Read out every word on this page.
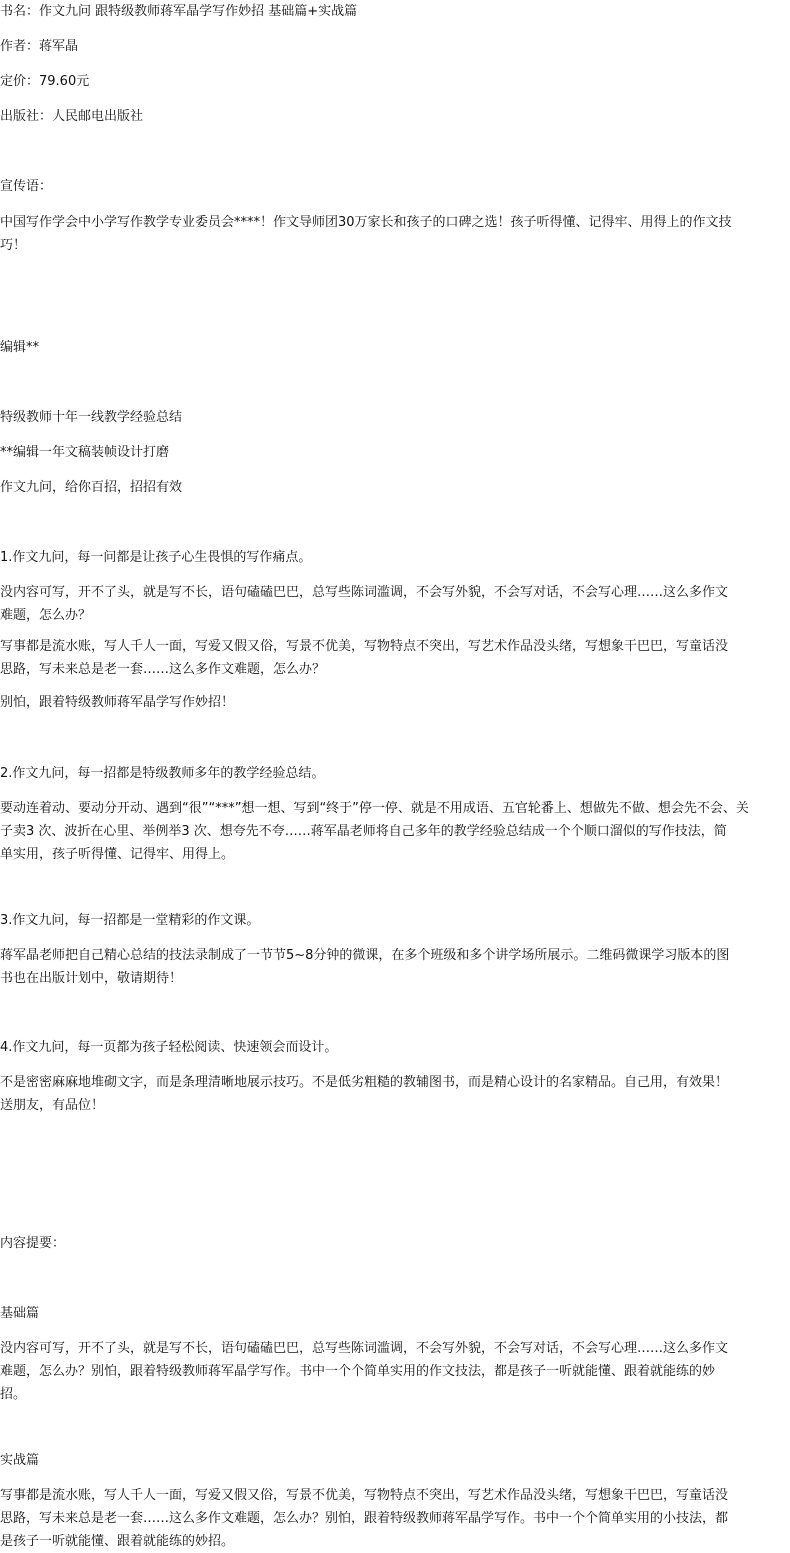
书名：作文九问 跟特级教师蒋军晶学写作妙招 基础篇+实战篇
作者：蒋军晶
定价：79.60元
出版社：人民邮电出版社
宣传语：
中国写作学会中小学写作教学专业委员会****！作文导师团30万家长和孩子的口碑之选！孩子听得懂、记得牢、用得上的作文技
巧！
编辑**
特级教师十年一线教学经验总结
**编辑一年文稿装帧设计打磨
作文九问，给你百招，招招有效
1.作文九问，每一问都是让孩子心生畏惧的写作痛点。
没内容可写，开不了头，就是写不长，语句磕磕巴巴，总写些陈词滥调，不会写外貌，不会写对话，不会写心理……这么多作文
难题，怎么办？
写事都是流水账，写人千人一面，写爱又假又俗，写景不优美，写物特点不突出，写艺术作品没头绪，写想象干巴巴，写童话没
思路，写未来总是老一套……这么多作文难题，怎么办？
别怕，跟着特级教师蒋军晶学写作妙招！
2.作文九问，每一招都是特级教师多年的教学经验总结。
要动连着动、要动分开动、遇到“很”“***”想一想、写到“终于”停一停、就是不用成语、五官轮番上、想做先不做、想会先不会、关
子卖3 次、波折在心里、举例举3 次、想夸先不夸……蒋军晶老师将自己多年的教学经验总结成一个个顺口溜似的写作技法，简
单实用，孩子听得懂、记得牢、用得上。
3.作文九问，每一招都是一堂精彩的作文课。
蒋军晶老师把自己精心总结的技法录制成了一节节5~8分钟的微课，在多个班级和多个讲学场所展示。二维码微课学习版本的图
书也在出版计划中，敬请期待！
4.作文九问，每一页都为孩子轻松阅读、快速领会而设计。
不是密密麻麻地堆砌文字，而是条理清晰地展示技巧。不是低劣粗糙的教辅图书，而是精心设计的名家精品。自己用，有效果！
送朋友，有品位！
内容提要：
基础篇
没内容可写，开不了头，就是写不长，语句磕磕巴巴，总写些陈词滥调，不会写外貌，不会写对话，不会写心理……这么多作文
难题，怎么办？别怕，跟着特级教师蒋军晶学写作。书中一个个简单实用的作文技法，都是孩子一听就能懂、跟着就能练的妙
招。
实战篇
写事都是流水账，写人千人一面，写爱又假又俗，写景不优美，写物特点不突出，写艺术作品没头绪，写想象干巴巴，写童话没
思路，写未来总是老一套……这么多作文难题，怎么办？别怕，跟着特级教师蒋军晶学写作。书中一个个简单实用的小技法，都
是孩子一听就能懂、跟着就能练的妙招。
